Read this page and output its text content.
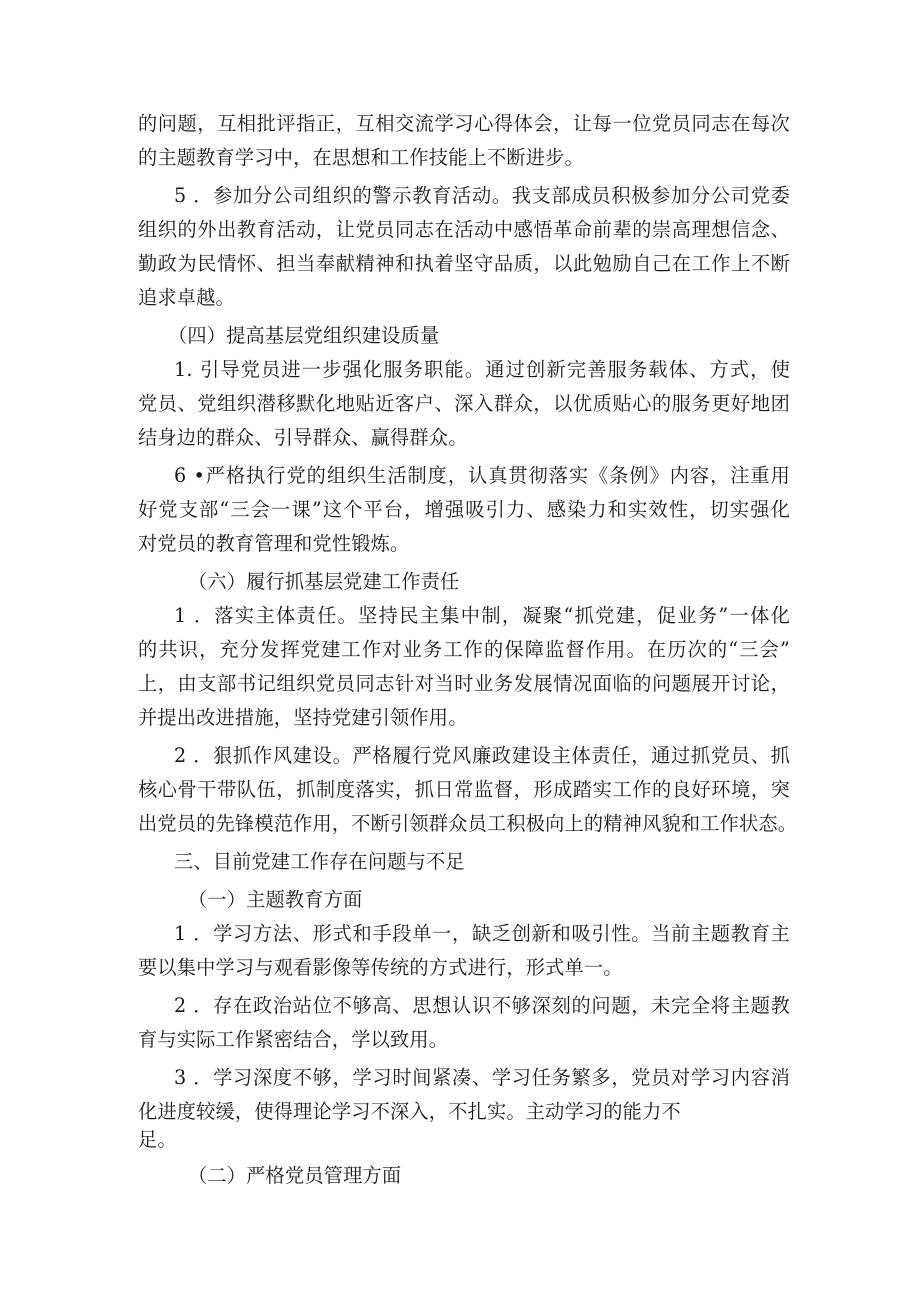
的问题，互相批评指正，互相交流学习心得体会，让每一位党员同志在每次
的主题教育学习中，在思想和工作技能上不断进步。
5 ．参加分公司组织的警示教育活动。我支部成员积极参加分公司党委
组织的外出教育活动，让党员同志在活动中感悟革命前辈的崇高理想信念、
勤政为民情怀、担当奉献精神和执着坚守品质，以此勉励自己在工作上不断
追求卓越。
（四）提高基层党组织建设质量
1. 引导党员进一步强化服务职能。通过创新完善服务载体、方式，使
党员、党组织潜移默化地贴近客户、深入群众，以优质贴心的服务更好地团
结身边的群众、引导群众、赢得群众。
6 •严格执行党的组织生活制度，认真贯彻落实《条例》内容，注重用
好党支部“三会一课”这个平台，增强吸引力、感染力和实效性，切实强化
对党员的教育管理和党性锻炼。
（六）履行抓基层党建工作责任
1 ．落实主体责任。坚持民主集中制，凝聚“抓党建，促业务”一体化
的共识，充分发挥党建工作对业务工作的保障监督作用。在历次的“三会”
上，由支部书记组织党员同志针对当时业务发展情况面临的问题展开讨论，
并提出改进措施，坚持党建引领作用。
2 ．狠抓作风建设。严格履行党风廉政建设主体责任，通过抓党员、抓
核心骨干带队伍，抓制度落实，抓日常监督，形成踏实工作的良好环境，突
出党员的先锋模范作用，不断引领群众员工积极向上的精神风貌和工作状态。
三、目前党建工作存在问题与不足
（一）主题教育方面
1 ．学习方法、形式和手段单一，缺乏创新和吸引性。当前主题教育主
要以集中学习与观看影像等传统的方式进行，形式单一。
2 ．存在政治站位不够高、思想认识不够深刻的问题，未完全将主题教
育与实际工作紧密结合，学以致用。
3 ．学习深度不够，学习时间紧凑、学习任务繁多，党员对学习内容消
化进度较缓，使得理论学习不深入，不扎实。主动学习的能力不
足。
（二）严格党员管理方面
